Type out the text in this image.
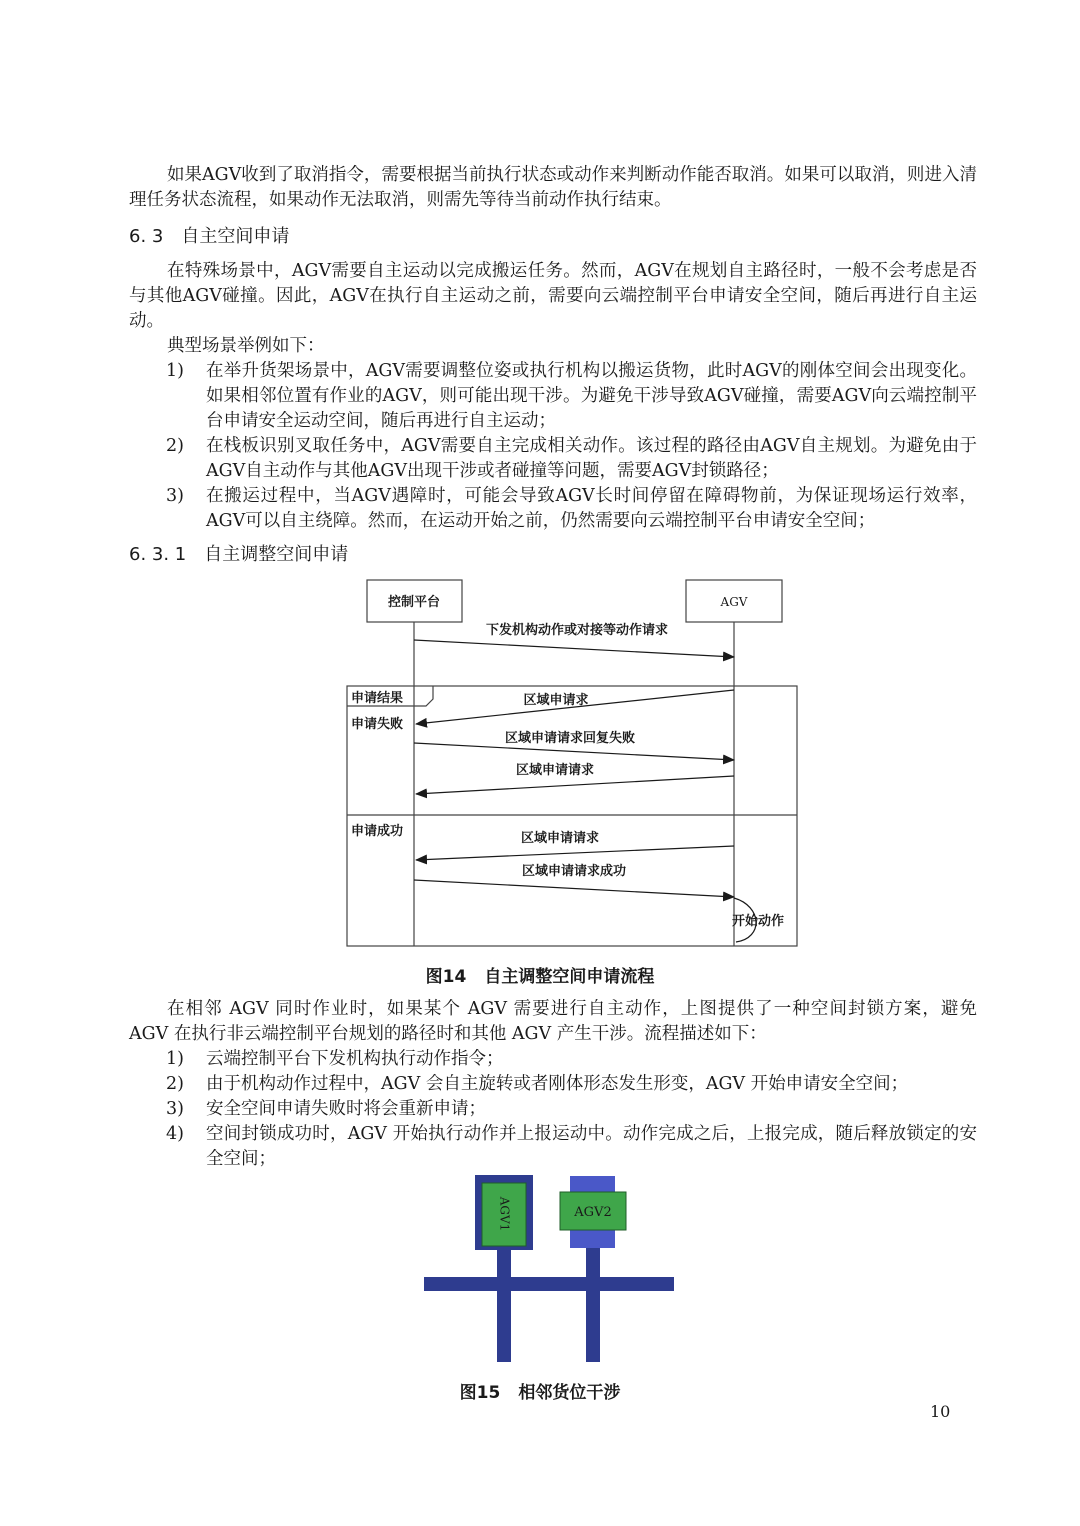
如果AGV收到了取消指令，需要根据当前执行状态或动作来判断动作能否取消。如果可以取消，则进入清理任务状态流程，如果动作无法取消，则需先等待当前动作执行结束。
6. 3 自主空间申请
在特殊场景中，AGV需要自主运动以完成搬运任务。然而，AGV在规划自主路径时，一般不会考虑是否与其他AGV碰撞。因此，AGV在执行自主运动之前，需要向云端控制平台申请安全空间，随后再进行自主运动。
典型场景举例如下：
1) 在举升货架场景中，AGV需要调整位姿或执行机构以搬运货物，此时AGV的刚体空间会出现变化。如果相邻位置有作业的AGV，则可能出现干涉。为避免干涉导致AGV碰撞，需要AGV向云端控制平台申请安全运动空间，随后再进行自主运动；
2) 在栈板识别叉取任务中，AGV需要自主完成相关动作。该过程的路径由AGV自主规划。为避免由于AGV自主动作与其他AGV出现干涉或者碰撞等问题，需要AGV封锁路径；
3) 在搬运过程中，当AGV遇障时，可能会导致AGV长时间停留在障碍物前，为保证现场运行效率，AGV可以自主绕障。然而，在运动开始之前，仍然需要向云端控制平台申请安全空间；
6. 3. 1 自主调整空间申请
控制平台	AGV
下发机构动作或对接等动作请求
申请结果
申请失败
区域申请求
区域申请请求回复失败
区域申请请求
申请成功	区域申请请求
区域申请请求成功
开始动作
图14 自主调整空间申请流程
在相邻 AGV 同时作业时，如果某个 AGV 需要进行自主动作，上图提供了一种空间封锁方案，避免 AGV 在执行非云端控制平台规划的路径时和其他 AGV 产生干涉。流程描述如下：
1) 云端控制平台下发机构执行动作指令；
2) 由于机构动作过程中，AGV 会自主旋转或者刚体形态发生形变，AGV 开始申请安全空间；
3) 安全空间申请失败时将会重新申请；
4) 空间封锁成功时，AGV 开始执行动作并上报运动中。动作完成之后，上报完成，随后释放锁定的安全空间；
AGV1	AGV2
图15 相邻货位干涉
10
